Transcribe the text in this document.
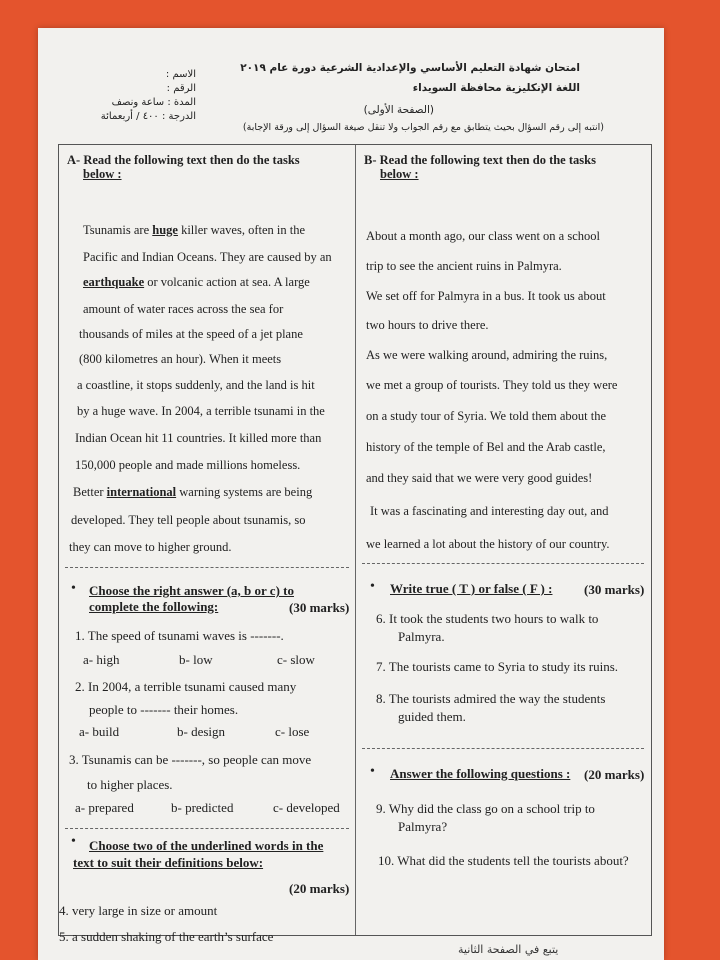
امتحان شهادة التعليم الأساسي والإعدادية الشرعية دورة عام ٢٠١٩
اللغة الإنكليزية محافظة السويداء
(الصفحة الأولى)
(انتبه إلى رقم السؤال بحيث يتطابق مع رقم الجواب ولا تنقل صيغة السؤال إلى ورقة الإجابة)
الاسم :
الرقم :
المدة : ساعة ونصف
الدرجة : ٤٠٠ / أربعمائة
A- Read the following text then do the tasks
below :
Tsunamis are huge killer waves, often in the
Pacific and Indian Oceans. They are caused by an
earthquake or volcanic action at sea. A large
amount of water races across the sea for
thousands of miles at the speed of a jet plane
(800 kilometres an hour). When it meets
a coastline, it stops suddenly, and the land is hit
by a huge wave. In 2004, a terrible tsunami in the
Indian Ocean hit 11 countries. It killed more than
150,000 people and made millions homeless.
Better international warning systems are being
developed. They tell people about tsunamis, so
they can move to higher ground.
• Choose the right answer (a, b or c) to
complete the following:	(30 marks)
1. The speed of tsunami waves is -------.
a- high	b- low	c- slow
2. In 2004, a terrible tsunami caused many
people to ------- their homes.
a- build	b- design	c- lose
3. Tsunamis can be -------, so people can move
to higher places.
a- prepared	b- predicted	c- developed
•	Choose two of the underlined words in the
text to suit their definitions below:
(20 marks)
4. very large in size or amount
5. a sudden shaking of the earth’s surface
B- Read the following text then do the tasks
below :
About a month ago, our class went on a school
trip to see the ancient ruins in Palmyra.
We set off for Palmyra in a bus. It took us about
two hours to drive there.
As we were walking around, admiring the ruins,
we met a group of tourists. They told us they were
on a study tour of Syria. We told them about the
history of the temple of Bel and the Arab castle,
and they said that we were very good guides!
It was a fascinating and interesting day out, and
we learned a lot about the history of our country.
• Write true ( T ) or false ( F ) : (30 marks)
6. It took the students two hours to walk to
Palmyra.
7. The tourists came to Syria to study its ruins.
8. The tourists admired the way the students
guided them.
• Answer the following questions : (20 marks)
9. Why did the class go on a school trip to
Palmyra?
10. What did the students tell the tourists about?
يتبع في الصفحة الثانية
